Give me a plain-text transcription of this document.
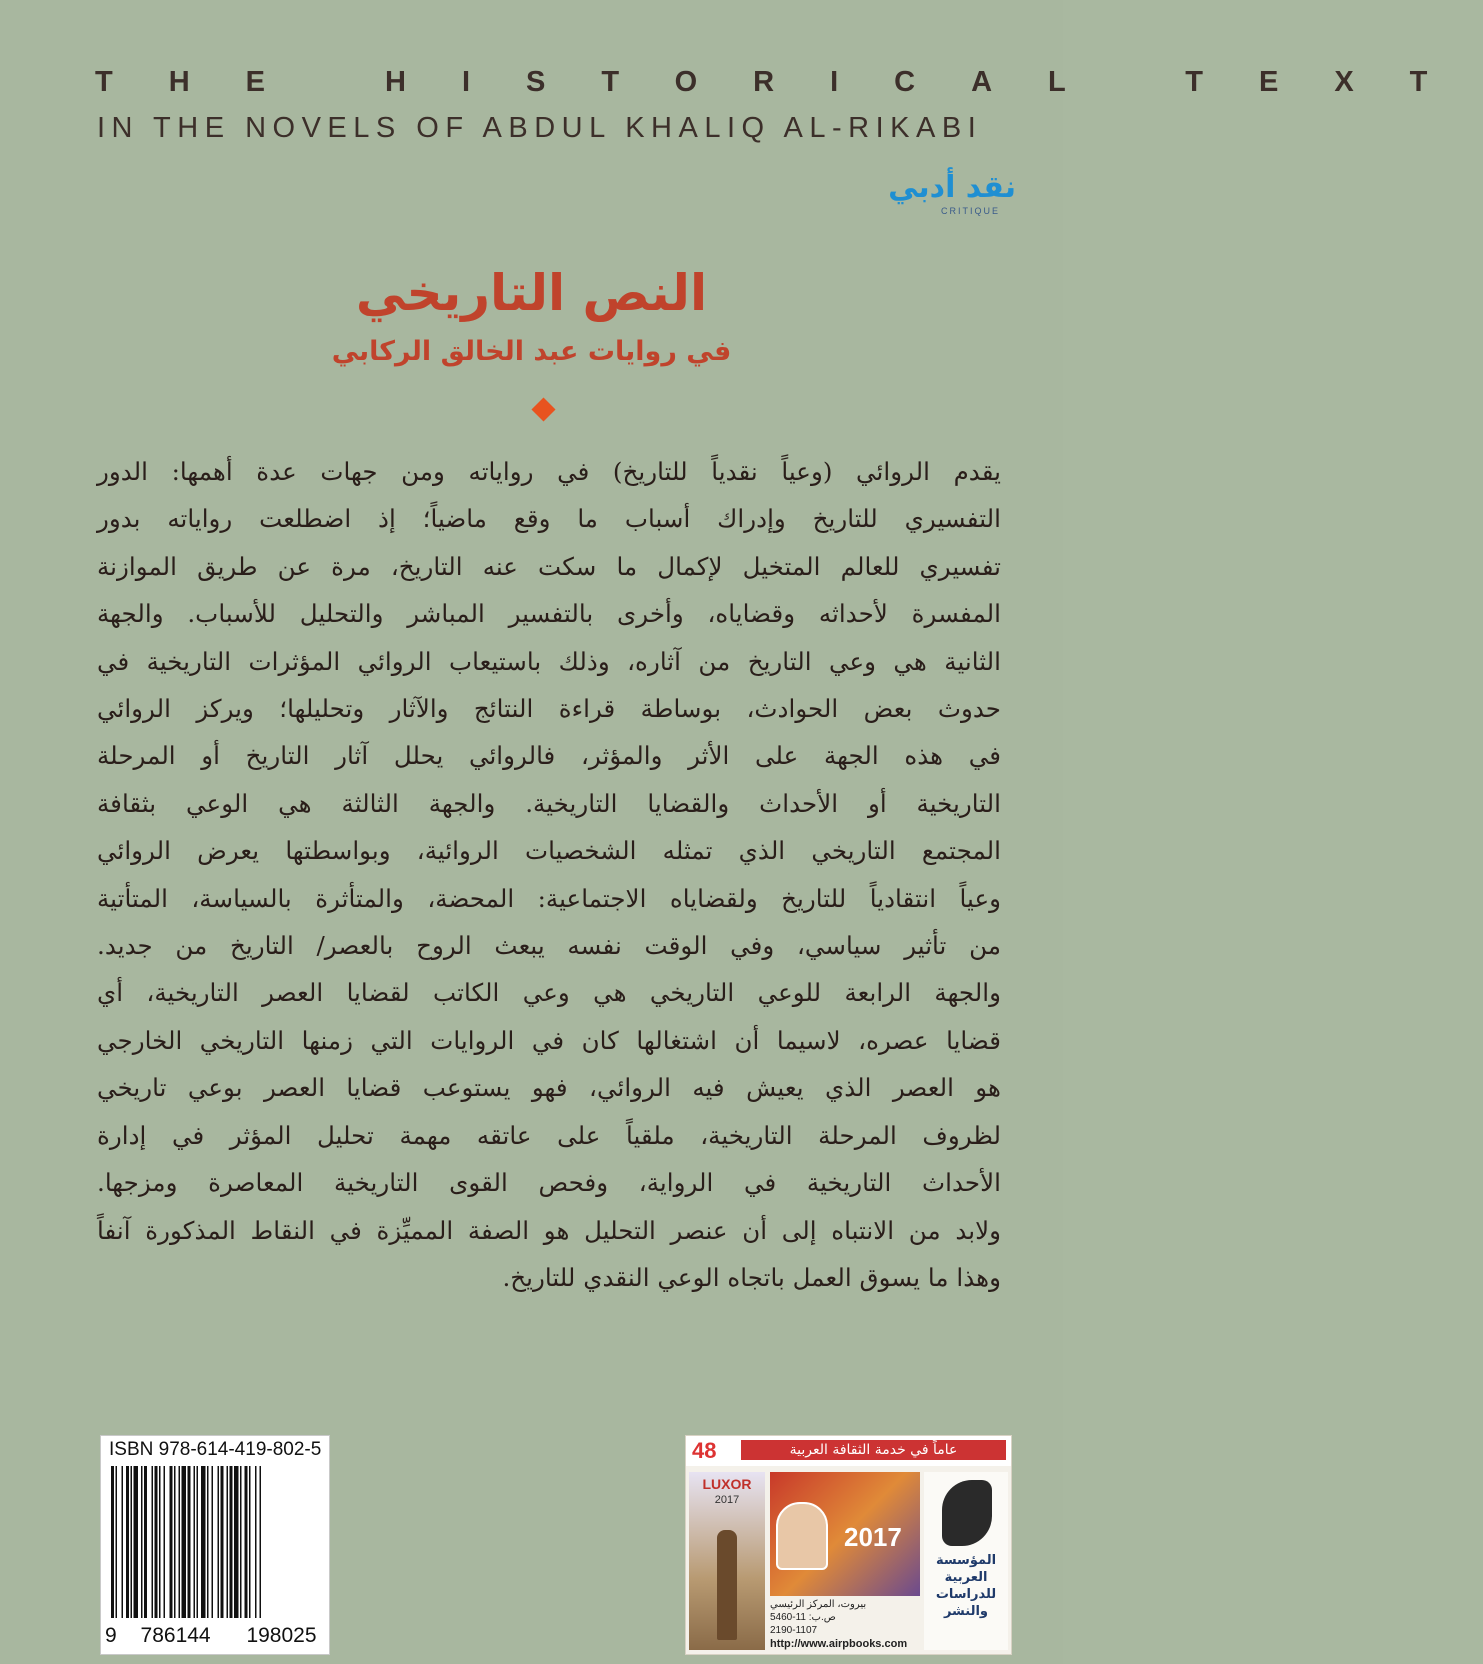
THE HISTORICAL TEXT
IN THE NOVELS OF ABDUL KHALIQ AL-RIKABI
نقد أدبي
CRITIQUE
النص التاريخي
في روايات عبد الخالق الركابي

يقدم الروائي (وعياً نقدياً للتاريخ) في رواياته ومن جهات عدة أهمها: الدور

التفسيري للتاريخ وإدراك أسباب ما وقع ماضياً؛ إذ اضطلعت رواياته بدور

تفسيري للعالم المتخيل لإكمال ما سكت عنه التاريخ، مرة عن طريق الموازنة

المفسرة لأحداثه وقضاياه، وأخرى بالتفسير المباشر والتحليل للأسباب. والجهة

الثانية هي وعي التاريخ من آثاره، وذلك باستيعاب الروائي المؤثرات التاريخية في

حدوث بعض الحوادث، بوساطة قراءة النتائج والآثار وتحليلها؛ ويركز الروائي

في هذه الجهة على الأثر والمؤثر، فالروائي يحلل آثار التاريخ أو المرحلة

التاريخية أو الأحداث والقضايا التاريخية. والجهة الثالثة هي الوعي بثقافة

المجتمع التاريخي الذي تمثله الشخصيات الروائية، وبواسطتها يعرض الروائي

وعياً انتقادياً للتاريخ ولقضاياه الاجتماعية: المحضة، والمتأثرة بالسياسة، المتأتية

من تأثير سياسي، وفي الوقت نفسه يبعث الروح بالعصر/ التاريخ من جديد.

والجهة الرابعة للوعي التاريخي هي وعي الكاتب لقضايا العصر التاريخية، أي

قضايا عصره، لاسيما أن اشتغالها كان في الروايات التي زمنها التاريخي الخارجي

هو العصر الذي يعيش فيه الروائي، فهو يستوعب قضايا العصر بوعي تاريخي

لظروف المرحلة التاريخية، ملقياً على عاتقه مهمة تحليل المؤثر في إدارة

الأحداث التاريخية في الرواية، وفحص القوى التاريخية المعاصرة ومزجها.

ولابد من الانتباه إلى أن عنصر التحليل هو الصفة المميِّزة في النقاط المذكورة آنفاً

وهذا ما يسوق العمل باتجاه الوعي النقدي للتاريخ.

ISBN 978-614-419-802-5
9 786144 198025
48	عاماً في خدمة الثقافة العربية
LUXOR
2017
2017
بيروت، المركز الرئيسي
ص.ب: 11-5460
2190-1107
http://www.airpbooks.com
المؤسسة
العربية
للدراسات
والنشر
